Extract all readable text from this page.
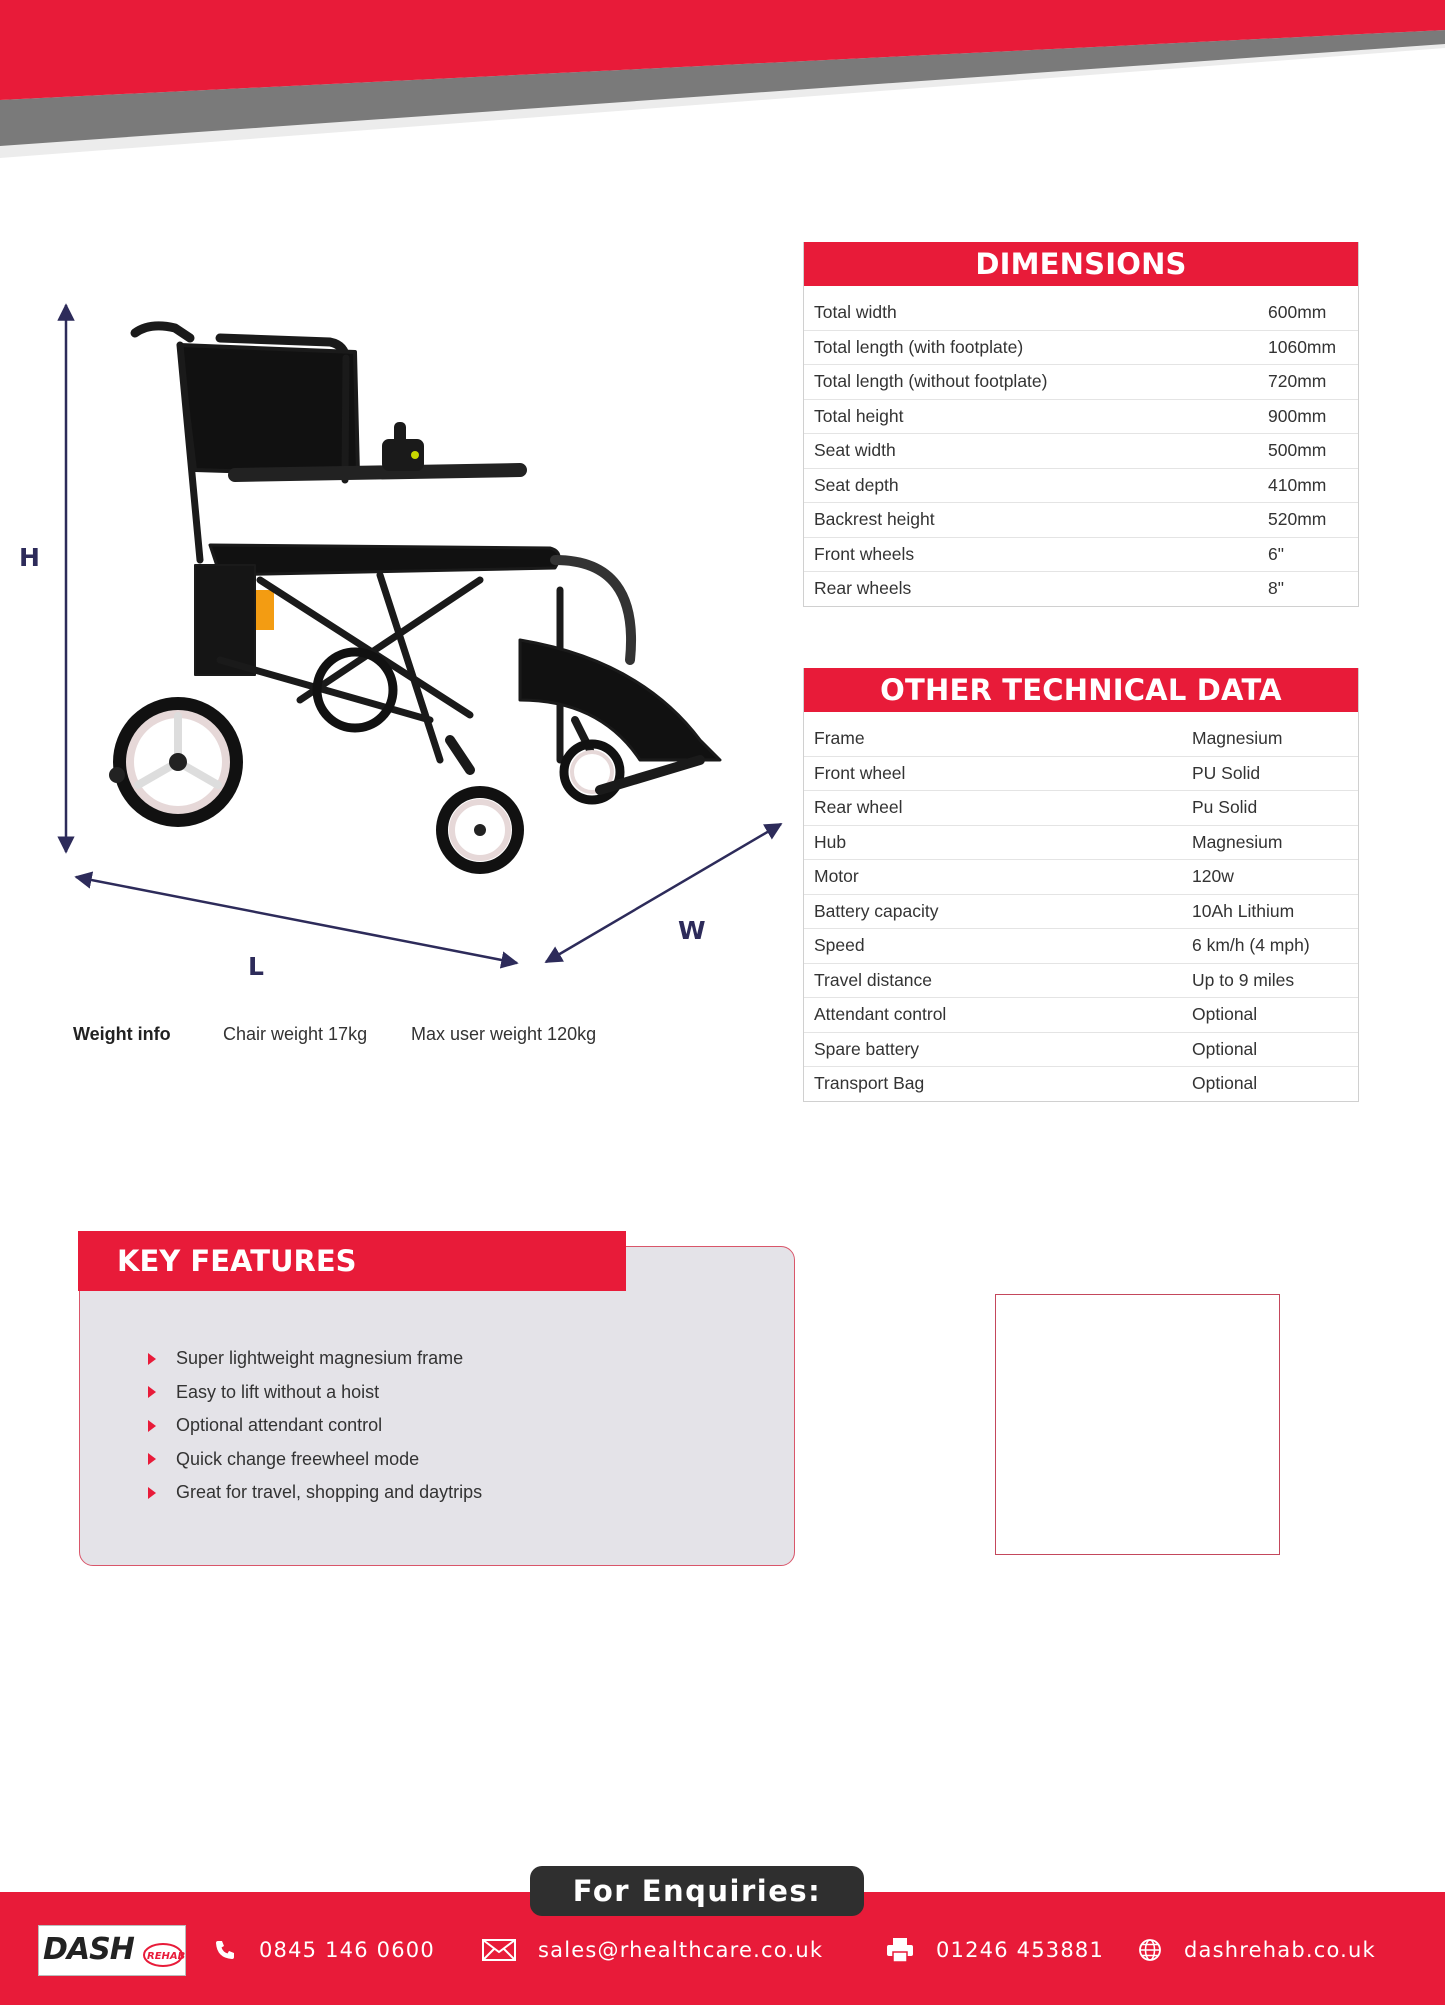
H
L
W
Weight info	Chair weight 17kg Max user weight 120kg
DIMENSIONS
Total width	600mm
Total length (with footplate)	1060mm
Total length (without footplate)	720mm
Total height	900mm
Seat width	500mm
Seat depth	410mm
Backrest height	520mm
Front wheels	6"
Rear wheels	8"
OTHER TECHNICAL DATA
Frame	Magnesium
Front wheel	PU Solid
Rear wheel	Pu Solid
Hub	Magnesium
Motor	120w
Battery capacity	10Ah Lithium
Speed	6 km/h (4 mph)
Travel distance	Up to 9 miles
Attendant control	Optional
Spare battery	Optional
Transport Bag	Optional
KEY FEATURES
Super lightweight magnesium frame
Easy to lift without a hoist
Optional attendant control
Quick change freewheel mode
Great for travel, shopping and daytrips
For Enquiries:
DASH REHAB	0845 146 0600	sales@rhealthcare.co.uk	01246 453881	dashrehab.co.uk
